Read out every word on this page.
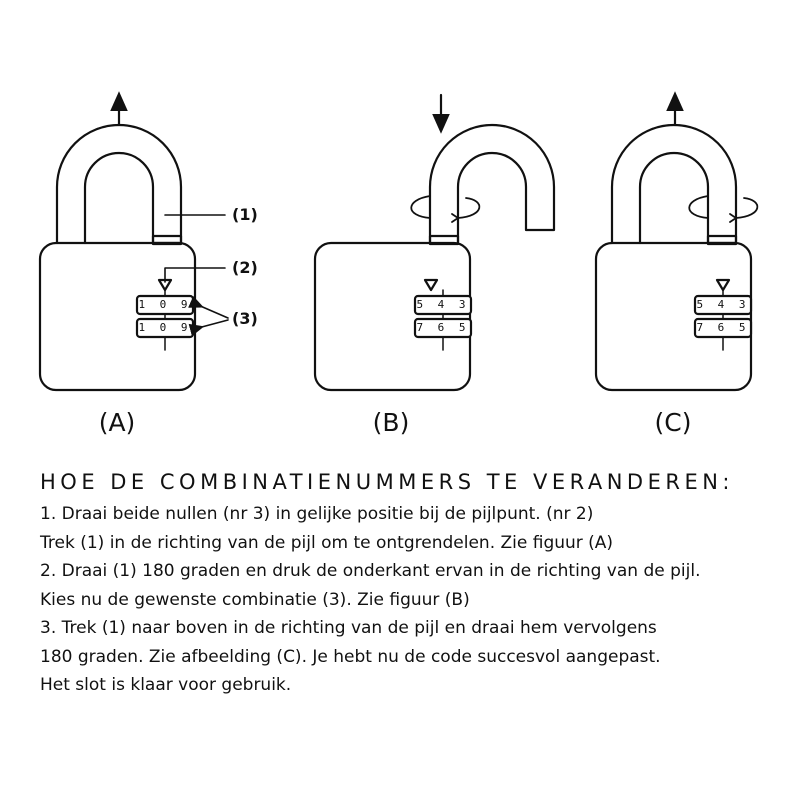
1 0 9
1 0 9
5 4 3
7 6 5
5 4 3
7 6 5
(1)
(2)
(3)
(A)	(B)	(C)
HOE DE COMBINATIENUMMERS TE VERANDEREN:

1. Draai beide nullen (nr 3) in gelijke positie bij de pijlpunt. (nr 2)

Trek (1) in de richting van de pijl om te ontgrendelen. Zie figuur (A)

2. Draai (1) 180 graden en druk de onderkant ervan in de richting van de pijl.

Kies nu de gewenste combinatie (3). Zie figuur (B)

3. Trek (1) naar boven in de richting van de pijl en draai hem vervolgens

180 graden. Zie afbeelding (C). Je hebt nu de code succesvol aangepast.

Het slot is klaar voor gebruik.
